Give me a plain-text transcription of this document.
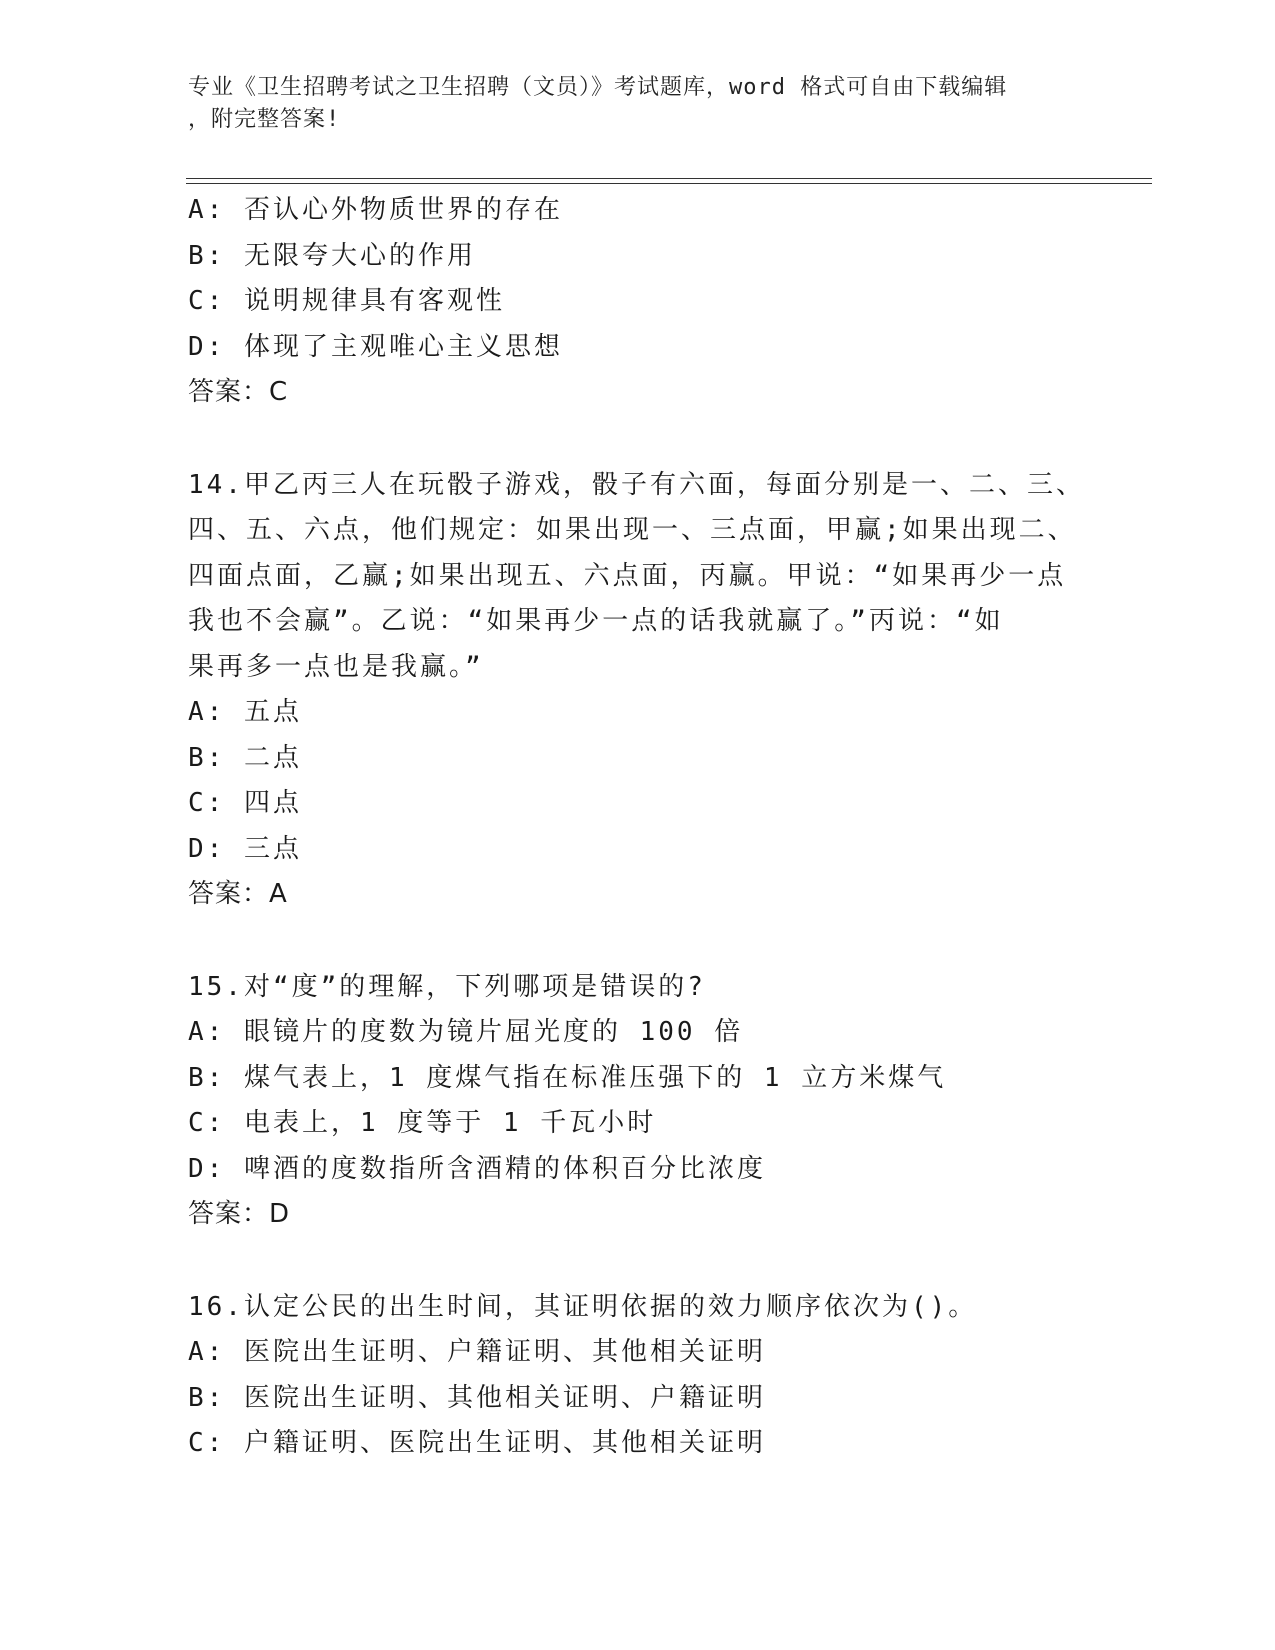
专业《卫生招聘考试之卫生招聘（文员）》考试题库，word 格式可自由下载编辑
，附完整答案!
A: 否认心外物质世界的存在
B: 无限夸大心的作用
C: 说明规律具有客观性
D: 体现了主观唯心主义思想
答案：C
14.甲乙丙三人在玩骰子游戏，骰子有六面，每面分别是一、二、三、
四、五、六点，他们规定：如果出现一、三点面，甲赢;如果出现二、
四面点面，乙赢;如果出现五、六点面，丙赢。甲说：“如果再少一点
我也不会赢”。乙说：“如果再少一点的话我就赢了。”丙说：“如
果再多一点也是我赢。”
A: 五点
B: 二点
C: 四点
D: 三点
答案：A
15.对“度”的理解，下列哪项是错误的?
A: 眼镜片的度数为镜片屈光度的 100 倍
B: 煤气表上，1 度煤气指在标准压强下的 1 立方米煤气
C: 电表上，1 度等于 1 千瓦小时
D: 啤酒的度数指所含酒精的体积百分比浓度
答案：D
16.认定公民的出生时间，其证明依据的效力顺序依次为()。
A: 医院出生证明、户籍证明、其他相关证明
B: 医院出生证明、其他相关证明、户籍证明
C: 户籍证明、医院出生证明、其他相关证明
